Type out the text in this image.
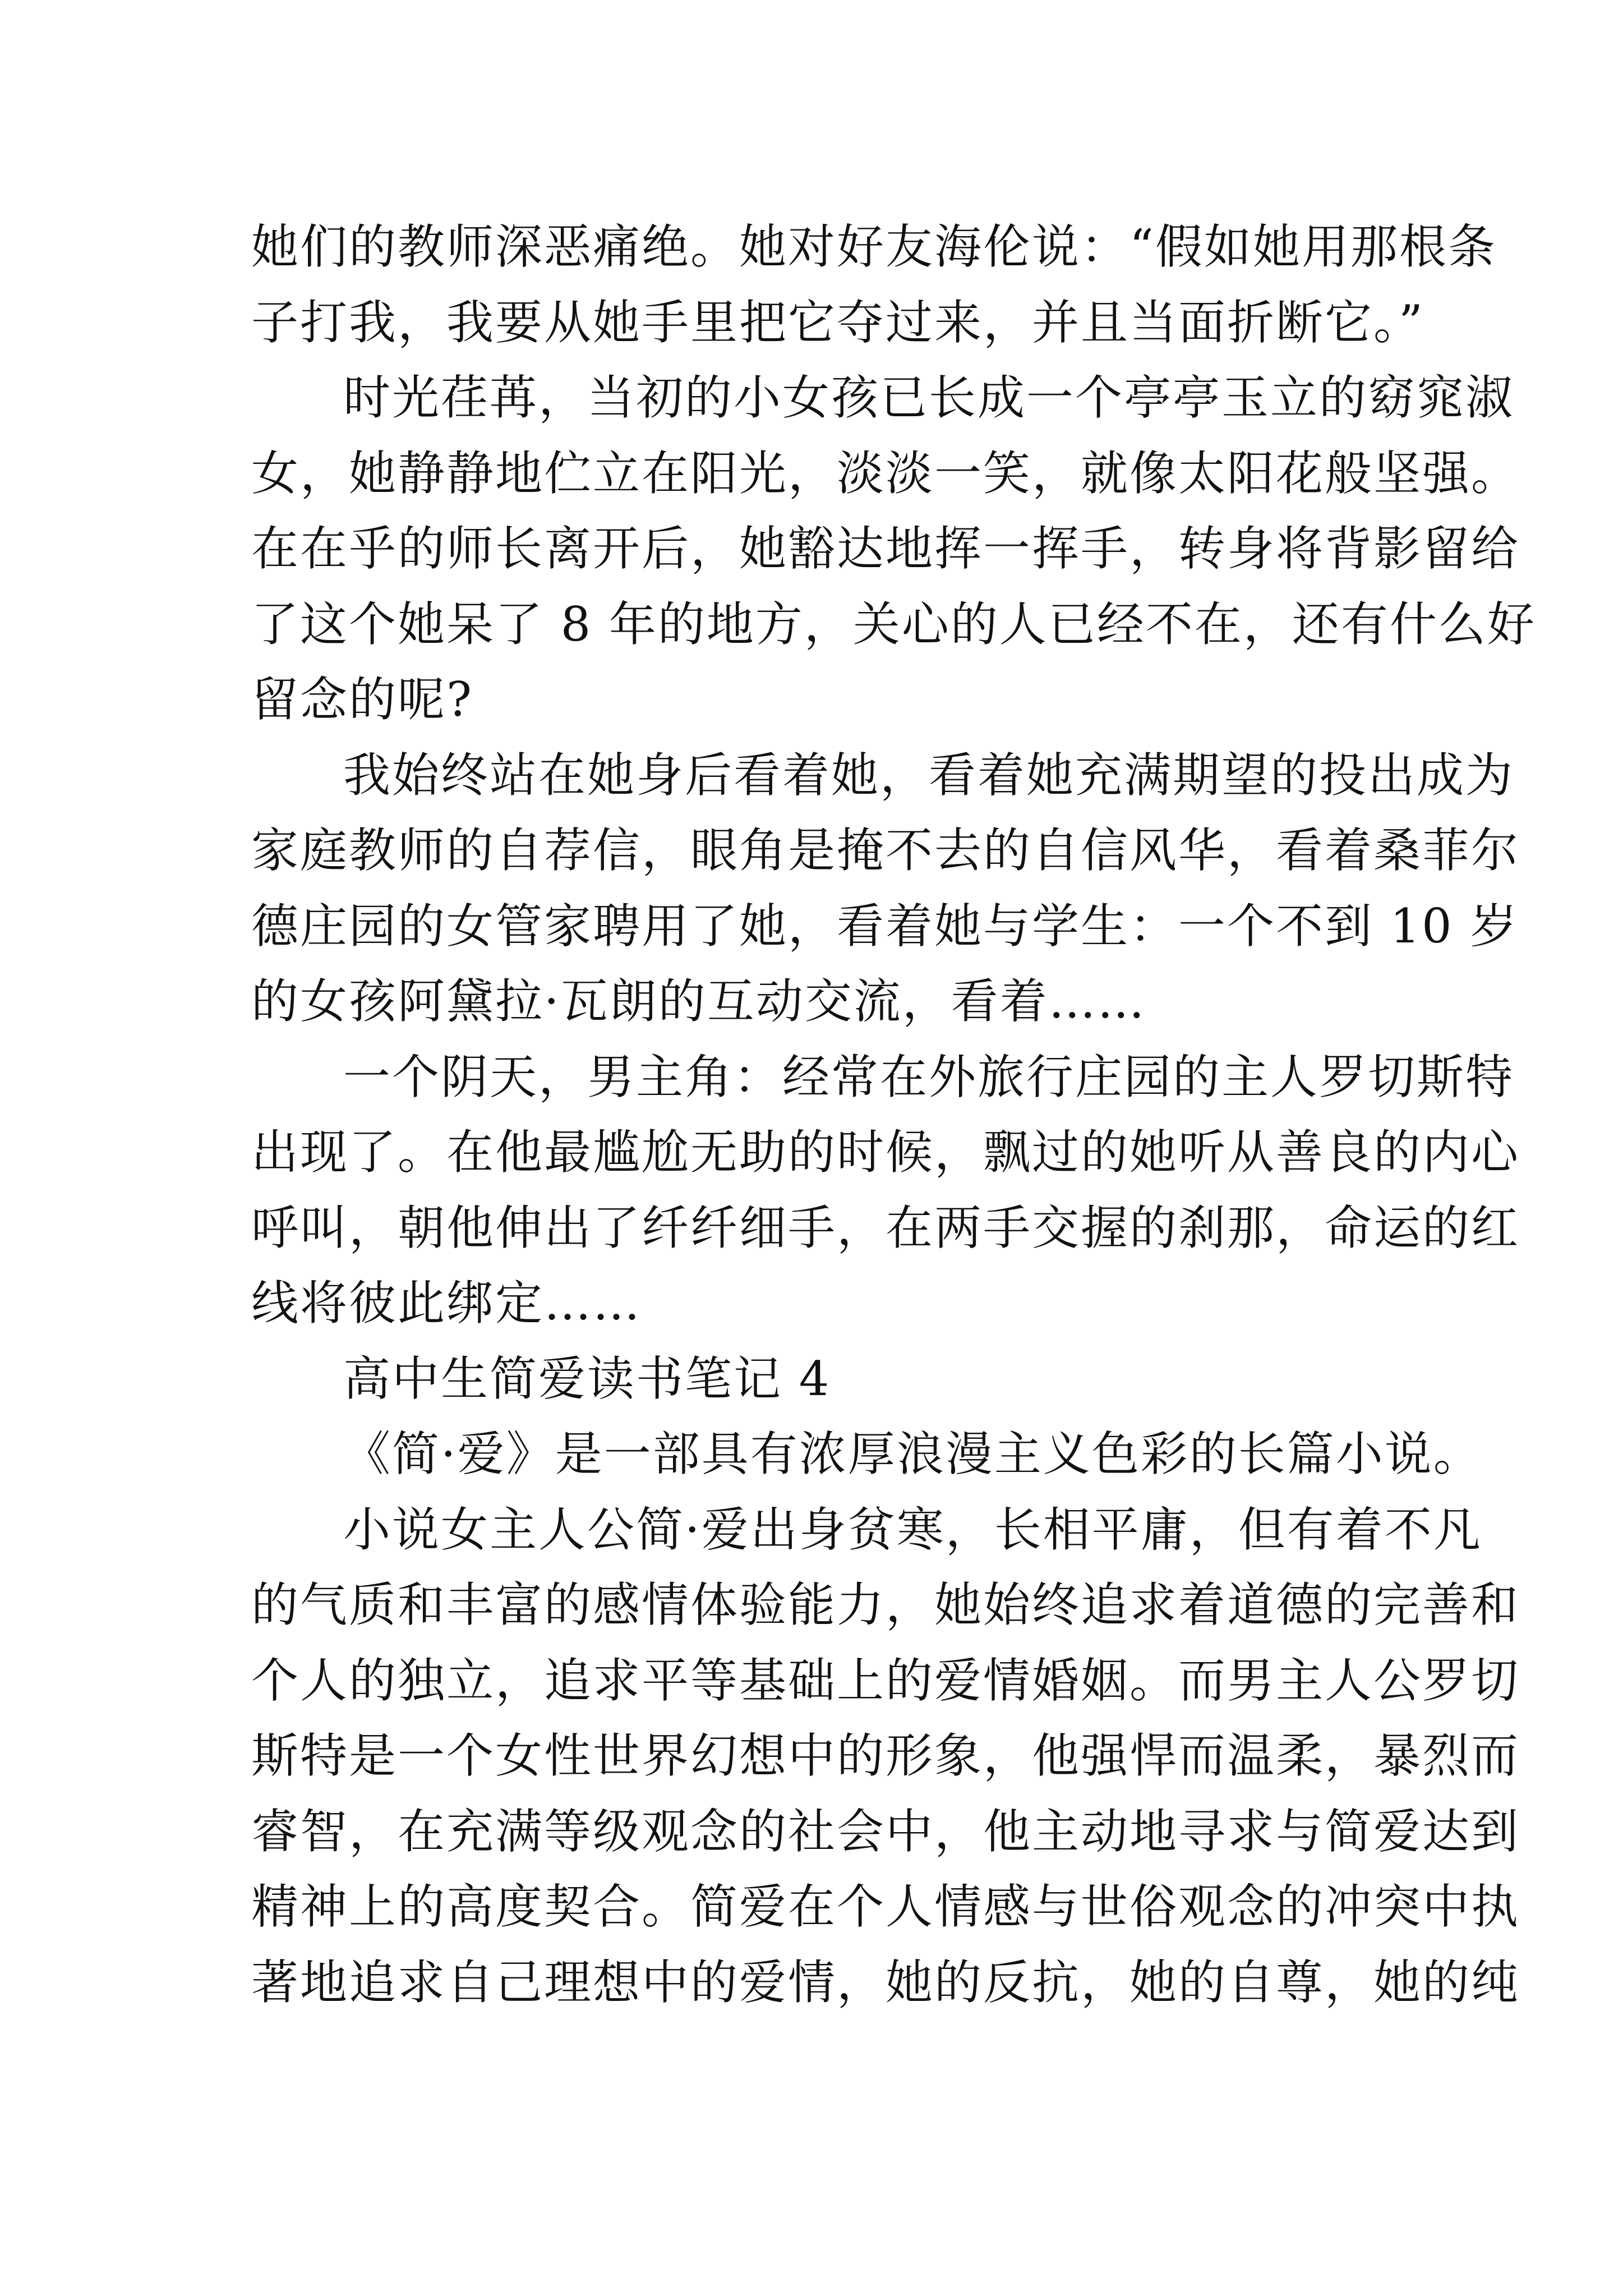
她们的教师深恶痛绝。她对好友海伦说：“假如她用那根条
子打我，我要从她手里把它夺过来，并且当面折断它。”
时光荏苒，当初的小女孩已长成一个亭亭玉立的窈窕淑
女，她静静地伫立在阳光，淡淡一笑，就像太阳花般坚强。
在在乎的师长离开后，她豁达地挥一挥手，转身将背影留给
了这个她呆了 8 年的地方，关心的人已经不在，还有什么好
留念的呢?
我始终站在她身后看着她，看着她充满期望的投出成为
家庭教师的自荐信，眼角是掩不去的自信风华，看着桑菲尔
德庄园的女管家聘用了她，看着她与学生：一个不到 10 岁
的女孩阿黛拉·瓦朗的互动交流，看着……
一个阴天，男主角：经常在外旅行庄园的主人罗切斯特
出现了。在他最尴尬无助的时候，飘过的她听从善良的内心
呼叫，朝他伸出了纤纤细手，在两手交握的刹那，命运的红
线将彼此绑定……
高中生简爱读书笔记 4
《简·爱》是一部具有浓厚浪漫主义色彩的长篇小说。
小说女主人公简·爱出身贫寒，长相平庸，但有着不凡
的气质和丰富的感情体验能力，她始终追求着道德的完善和
个人的独立，追求平等基础上的爱情婚姻。而男主人公罗切
斯特是一个女性世界幻想中的形象，他强悍而温柔，暴烈而
睿智，在充满等级观念的社会中，他主动地寻求与简爱达到
精神上的高度契合。简爱在个人情感与世俗观念的冲突中执
著地追求自己理想中的爱情，她的反抗，她的自尊，她的纯
